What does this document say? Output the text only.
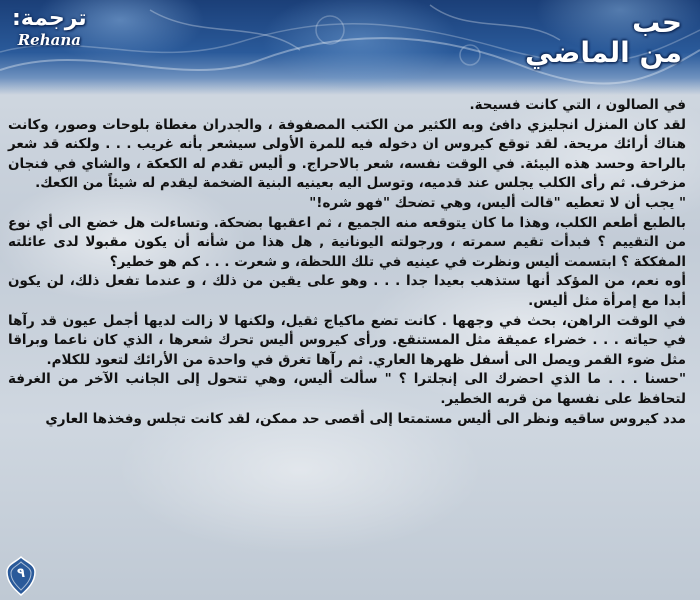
ترجمة:
Rehana
حب
من الماضي

في الصالون ، التي كانت فسيحة.

لقد كان المنزل انجليزي دافئ وبه الكثير من الكتب المصفوفة ، والجدران مغطاة بلوحات وصور، وكانت هناك أرائك مريحة. لقد توقع كيروس ان دخوله فيه للمرة الأولى سيشعر بأنه غريب . . . ولكنه قد شعر بالراحة وحسد هذه البيئة. في الوقت نفسه، شعر بالاحراج. و أليس تقدم له الكعكة ، والشاي في فنجان مزخرف. ثم رأى الكلب يجلس عند قدميه، وتوسل اليه بعينيه البنية الضخمة ليقدم له شيئاً من الكعك.

" يجب أن لا تعطيه "قالت أليس، وهي تضحك "فهو شره!"

بالطبع أطعم الكلب، وهذا ما كان يتوقعه منه الجميع ، ثم اعقبها بضحكة. وتساءلت هل خضع الى أي نوع من التقييم ؟ فبدأت تقيم سمرته ، ورجولته اليونانية , هل هذا من شأنه أن يكون مقبولا لدى عائلته المفككة ؟ ابتسمت أليس ونظرت في عينيه في تلك اللحظة، و شعرت . . . كم هو خطير؟

أوه نعم، من المؤكد أنها ستذهب بعيدا جدا . . . وهو على يقين من ذلك ، و عندما تفعل ذلك، لن يكون أبدا مع إمرأة مثل أليس.

في الوقت الراهن، بحث في وجهها . كانت تضع ماكياج ثقيل، ولكنها لا زالت لديها أجمل عيون قد رآها في حياته . . . خضراء عميقة مثل المستنقع. ورأى كيروس أليس تحرك شعرها ، الذي كان ناعما وبراقا مثل ضوء القمر ويصل الى أسفل ظهرها العاري. ثم رآها تغرق في واحدة من الأرائك لتعود للكلام.

"حسنا . . . ما الذي احضرك الى إنجلترا ؟ " سألت أليس، وهي تتحول إلى الجانب الآخر من الغرفة لتحافظ على نفسها من قربه الخطير.

مدد كيروس ساقيه ونظر الى أليس مستمتعا إلى أقصى حد ممكن، لقد كانت تجلس وفخذها العاري

٩
